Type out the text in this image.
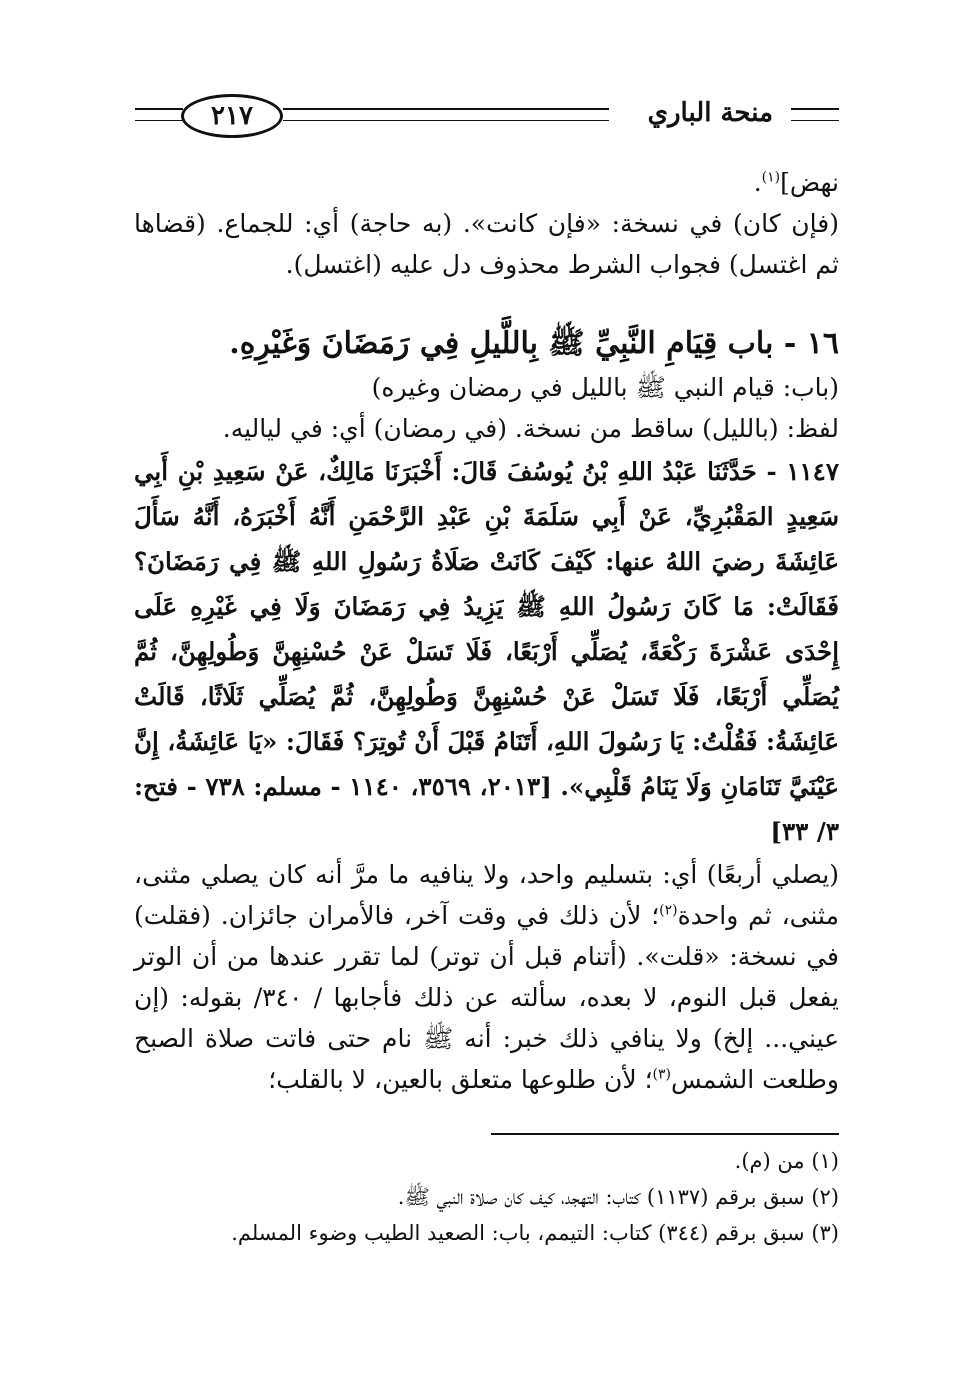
منحة الباري
٢١٧

نهض]$^{(١)}$.

(فإن كان) في نسخة: «فإن كانت». (به حاجة) أي: للجماع. (قضاها ثم اغتسل) فجواب الشرط محذوف دل عليه (اغتسل).

١٦ - باب قِيَامِ النَّبِيِّ ﷺ بِاللَّيلِ فِي رَمَضَانَ وَغَيْرِهِ.

(باب: قيام النبي ﷺ بالليل في رمضان وغيره)

لفظ: (بالليل) ساقط من نسخة. (في رمضان) أي: في لياليه.

١١٤٧ - حَدَّثَنَا عَبْدُ اللهِ بْنُ يُوسُفَ قَالَ: أَخْبَرَنَا مَالِكٌ، عَنْ سَعِيدِ بْنِ أَبِي سَعِيدٍ المَقْبُرِيِّ، عَنْ أَبِي سَلَمَةَ بْنِ عَبْدِ الرَّحْمَنِ أَنَّهُ أَخْبَرَهُ، أَنَّهُ سَأَلَ عَائِشَةَ رضيَ اللهُ عنها: كَيْفَ كَانَتْ صَلَاةُ رَسُولِ اللهِ ﷺ فِي رَمَضَانَ؟ فَقَالَتْ: مَا كَانَ رَسُولُ اللهِ ﷺ يَزِيدُ فِي رَمَضَانَ وَلَا فِي غَيْرِهِ عَلَى إِحْدَى عَشْرَةَ رَكْعَةً، يُصَلِّي أَرْبَعًا، فَلَا تَسَلْ عَنْ حُسْنِهِنَّ وَطُولِهِنَّ، ثُمَّ يُصَلِّي أَرْبَعًا، فَلَا تَسَلْ عَنْ حُسْنِهِنَّ وَطُولِهِنَّ، ثُمَّ يُصَلِّي ثَلَاثًا، قَالَتْ عَائِشَةُ: فَقُلْتُ: يَا رَسُولَ اللهِ، أَتَنَامُ قَبْلَ أَنْ تُوتِرَ؟ فَقَالَ: «يَا عَائِشَةُ، إِنَّ عَيْنَيَّ تَنَامَانِ وَلَا يَنَامُ قَلْبِي». [٢٠١٣، ٣٥٦٩، ١١٤٠ - مسلم: ٧٣٨ - فتح: ٣/ ٣٣]

(يصلي أربعًا) أي: بتسليم واحد، ولا ينافيه ما مرَّ أنه كان يصلي مثنى، مثنى، ثم واحدة$^{(٢)}$؛ لأن ذلك في وقت آخر، فالأمران جائزان. (فقلت) في نسخة: «قلت». (أتنام قبل أن توتر) لما تقرر عندها من أن الوتر يفعل قبل النوم، لا بعده، سألته عن ذلك فأجابها / ٣٤٠/ بقوله: (إن عيني... إلخ) ولا ينافي ذلك خبر: أنه ﷺ نام حتى فاتت صلاة الصبح وطلعت الشمس$^{(٣)}$؛ لأن طلوعها متعلق بالعين، لا بالقلب؛

(١) من (م).

(٢) سبق برقم (١١٣٧) كتاب: التهجد، كيف كان صلاة النبي ﷺ.

(٣) سبق برقم (٣٤٤) كتاب: التيمم، باب: الصعيد الطيب وضوء المسلم.
